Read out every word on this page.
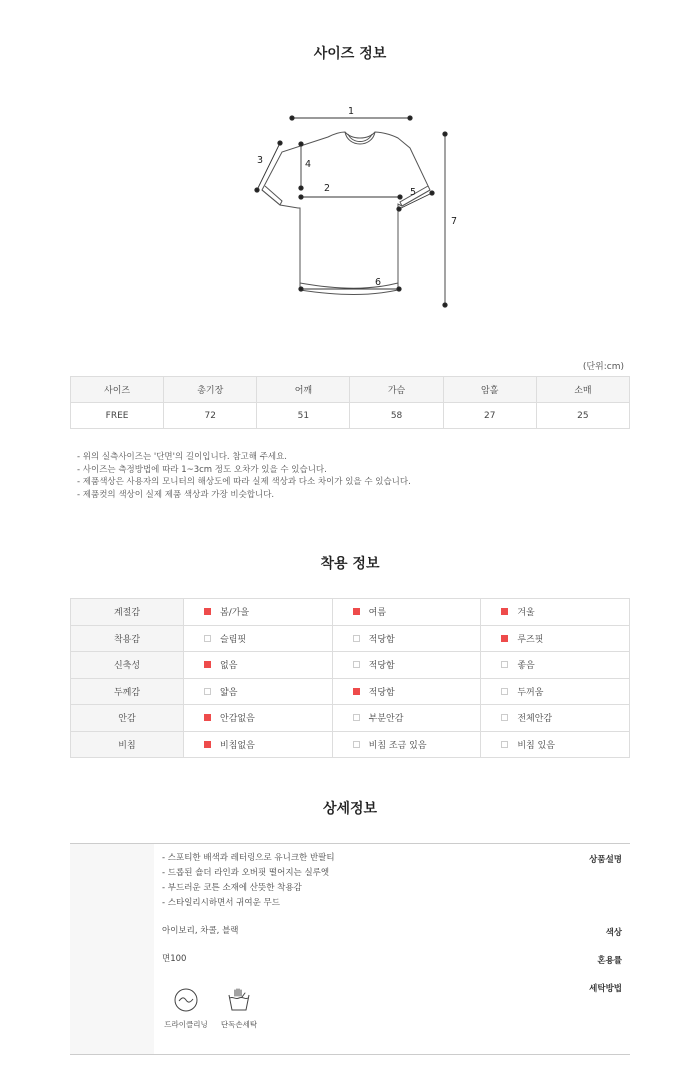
사이즈 정보
1
2
3	4
5
6
7
(단위:cm)
사이즈	총기장	어깨	가슴	암홀	소매
FREE	72	51	58	27	25
- 위의 실측사이즈는 '단면'의 길이입니다. 참고해 주세요.
- 사이즈는 측정방법에 따라 1~3cm 정도 오차가 있을 수 있습니다.
- 제품색상은 사용자의 모니터의 해상도에 따라 실제 색상과 다소 차이가 있을 수 있습니다.
- 제품컷의 색상이 실제 제품 색상과 가장 비슷합니다.
착용 정보
계절감	봄/가을	여름	겨울
착용감	슬림핏	적당함	루즈핏
신축성	없음	적당함	좋음
두께감	얇음	적당함	두꺼움
안감	안감없음	부분안감	전체안감
비침	비침없음	비침 조금 있음	비침 있음
상세정보
상품설명
- 스포티한 배색과 레터링으로 유니크한 반팔티
- 드롭된 숄더 라인과 오버핏 떨어지는 실루엣
- 부드러운 코튼 소재에 산뜻한 착용감
- 스타일리시하면서 귀여운 무드
색상
아이보리, 차콜, 블랙
혼용률
면100
세탁방법
드라이클리닝	단독손세탁
